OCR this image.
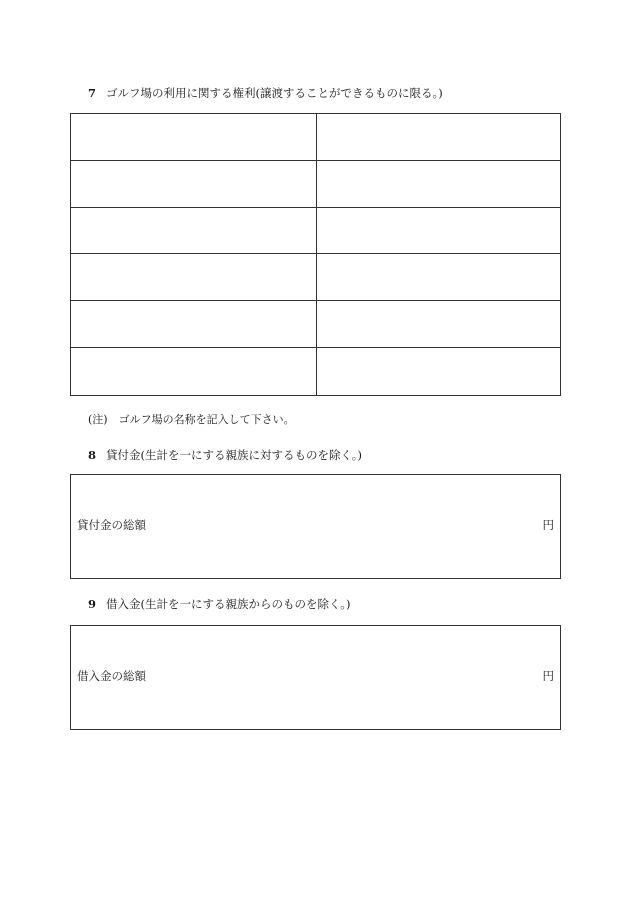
7 ゴルフ場の利用に関する権利(譲渡することができるものに限る。)
(注)　ゴルフ場の名称を記入して下さい。
8 貸付金(生計を一にする親族に対するものを除く。)
貸付金の総額	円
9 借入金(生計を一にする親族からのものを除く。)
借入金の総額	円
